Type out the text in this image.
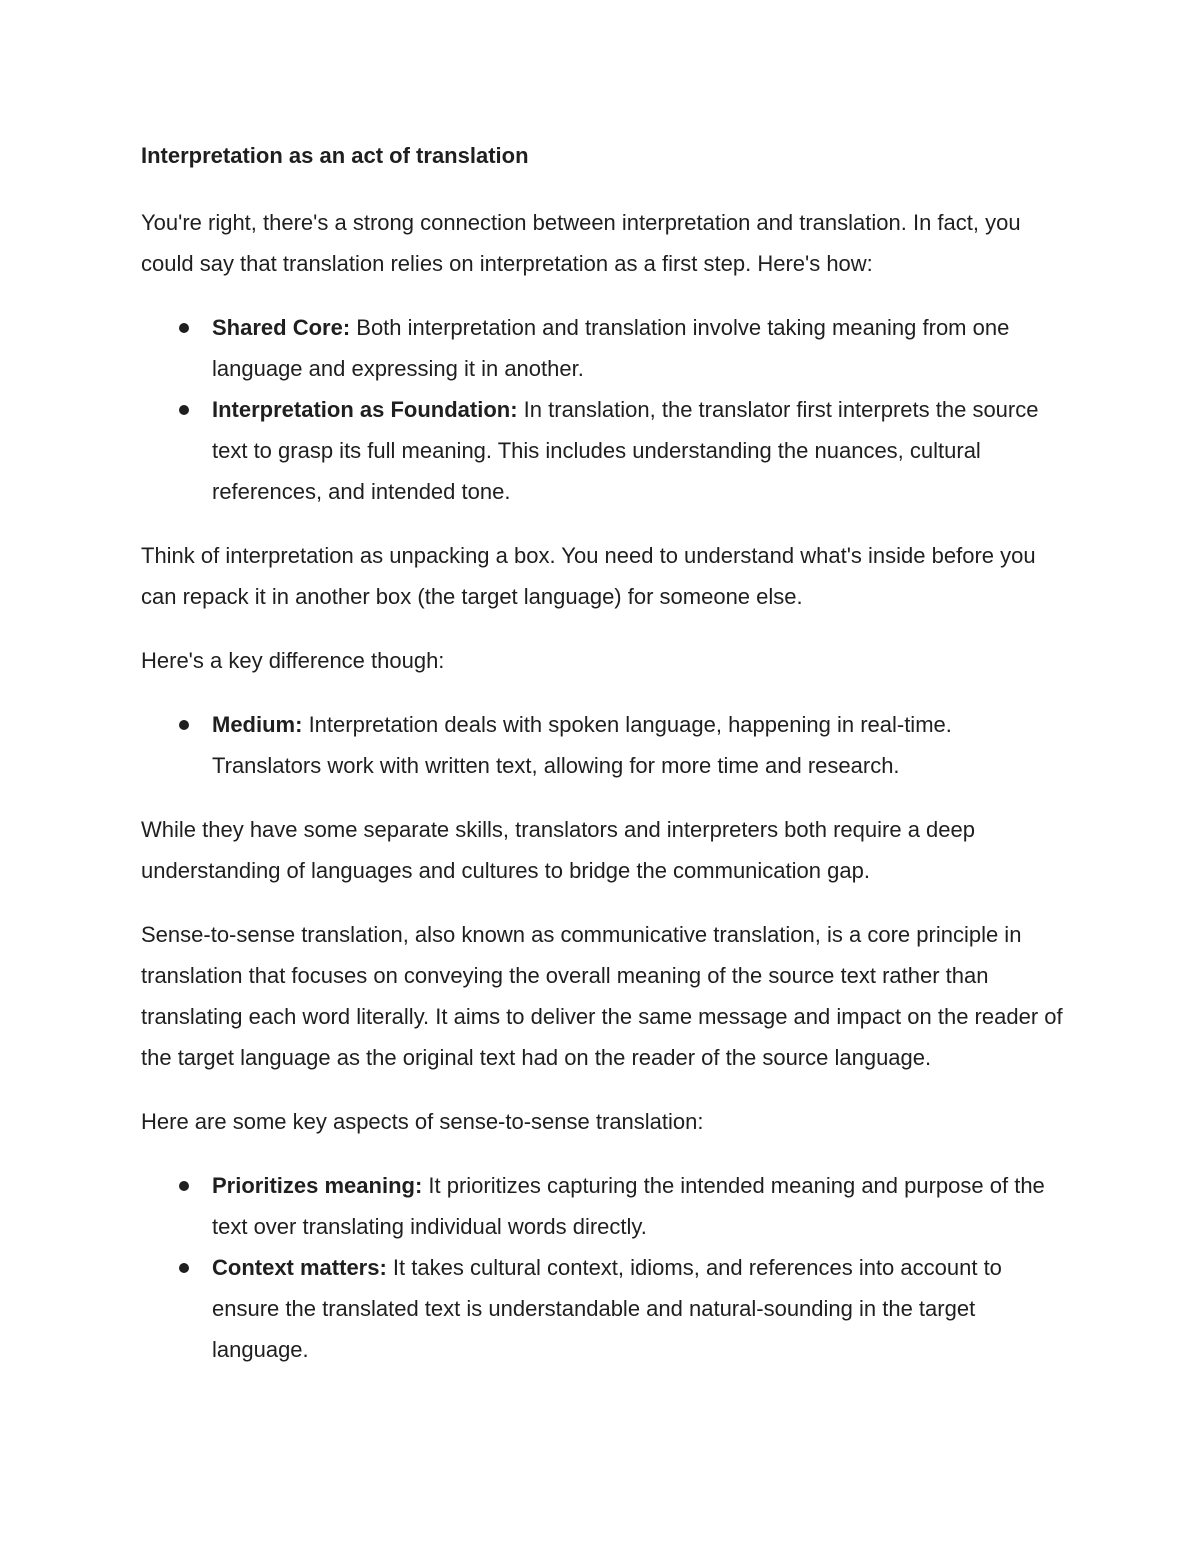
Interpretation as an act of translation

You're right, there's a strong connection between interpretation and translation. In fact, you could say that translation relies on interpretation as a first step. Here's how:

Shared Core: Both interpretation and translation involve taking meaning from one language and expressing it in another.
Interpretation as Foundation: In translation, the translator first interprets the source text to grasp its full meaning. This includes understanding the nuances, cultural references, and intended tone.

Think of interpretation as unpacking a box. You need to understand what's inside before you can repack it in another box (the target language) for someone else.

Here's a key difference though:

Medium: Interpretation deals with spoken language, happening in real-time. Translators work with written text, allowing for more time and research.

While they have some separate skills, translators and interpreters both require a deep understanding of languages and cultures to bridge the communication gap.

Sense-to-sense translation, also known as communicative translation, is a core principle in translation that focuses on conveying the overall meaning of the source text rather than translating each word literally. It aims to deliver the same message and impact on the reader of the target language as the original text had on the reader of the source language.

Here are some key aspects of sense-to-sense translation:

Prioritizes meaning: It prioritizes capturing the intended meaning and purpose of the text over translating individual words directly.
Context matters: It takes cultural context, idioms, and references into account to ensure the translated text is understandable and natural-sounding in the target language.
